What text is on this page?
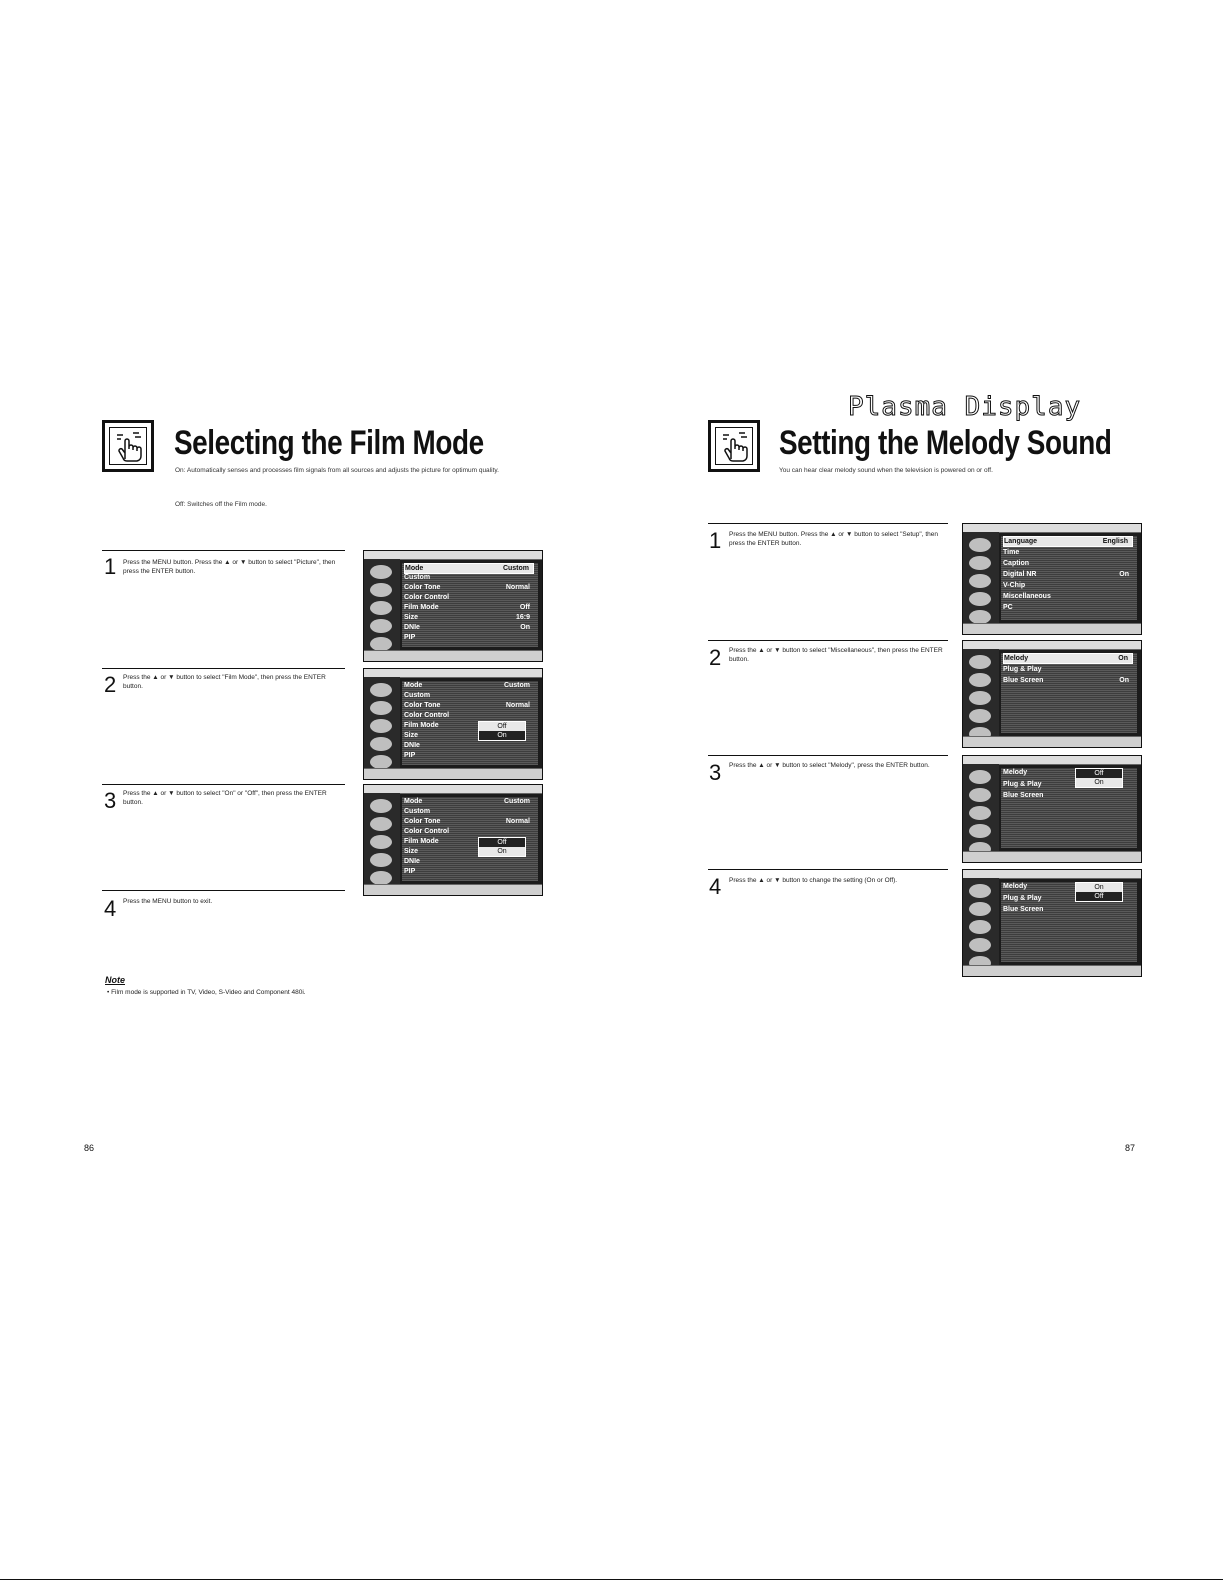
Selecting the Film Mode
On: Automatically senses and processes film signals from all sources and adjusts the picture for optimum quality.
Off: Switches off the Film mode.
1 Press the MENU button. Press the ▲ or ▼ button to select "Picture", then press the ENTER button.
2 Press the ▲ or ▼ button to select "Film Mode", then press the ENTER button.
3 Press the ▲ or ▼ button to select "On" or "Off", then press the ENTER button.
4 Press the MENU button to exit.
Mode	Custom
Custom
Color Tone	Normal
Color Control
Film Mode	Off
Size	16:9
DNIe	On
PIP
Mode	Custom
Custom
Color Tone	Normal
Color Control
Film Mode
Size
DNIe
PIP
Off
On
Mode	Custom
Custom
Color Tone	Normal
Color Control
Film Mode
Size
DNIe
PIP
Off
On
Note
• Film mode is supported in TV, Video, S-Video and Component 480i.
86
Plasma Display
Setting the Melody Sound
You can hear clear melody sound when the television is powered on or off.
1 Press the MENU button. Press the ▲ or ▼ button to select "Setup", then press the ENTER button.
2 Press the ▲ or ▼ button to select "Miscellaneous", then press the ENTER button.
3 Press the ▲ or ▼ button to select "Melody", press the ENTER button.
4 Press the ▲ or ▼ button to change the setting (On or Off).
Language	English
Time
Caption
Digital NR	On
V-Chip
Miscellaneous
PC
Melody	On
Plug & Play
Blue Screen	On
Melody
Plug & Play
Blue Screen
Off
On
Melody
Plug & Play
Blue Screen
On
Off
87
